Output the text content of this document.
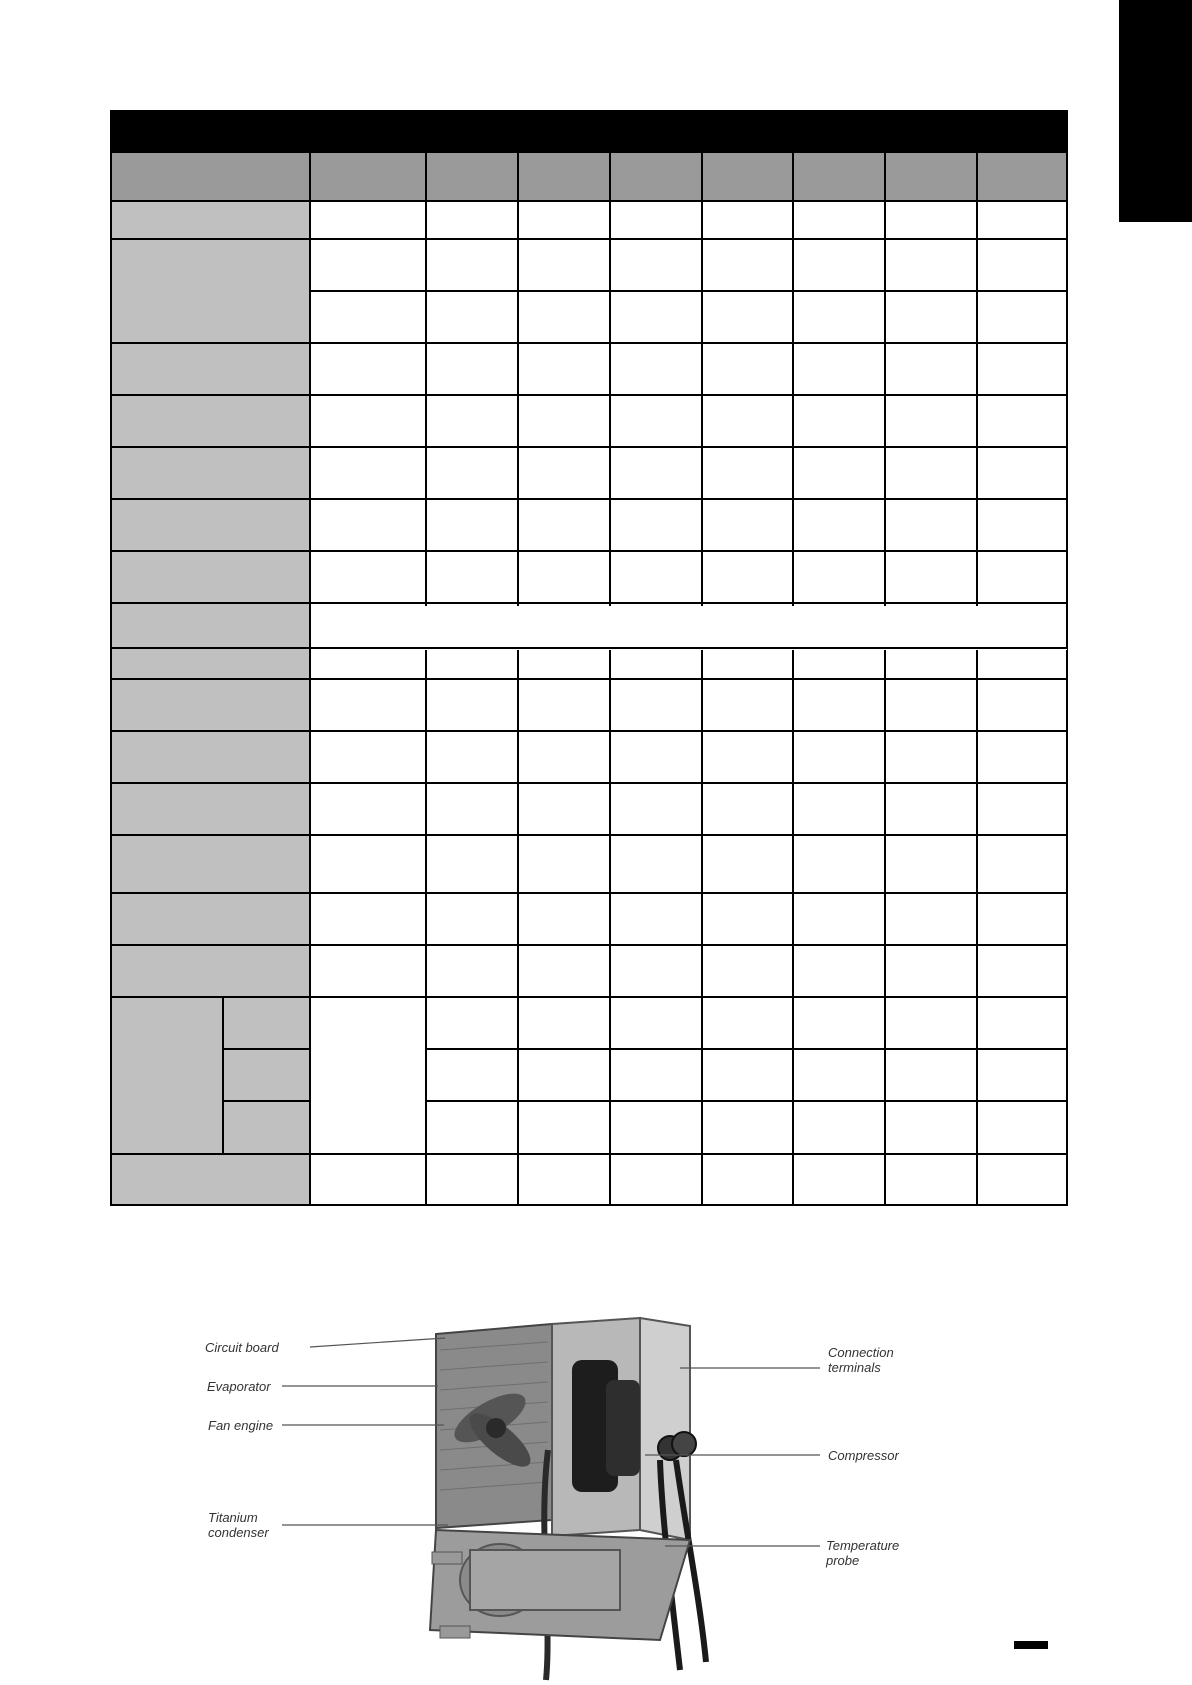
Circuit board
Evaporator
Fan engine
Titanium
condenser
Connection
terminals
Compressor
Temperature
probe
